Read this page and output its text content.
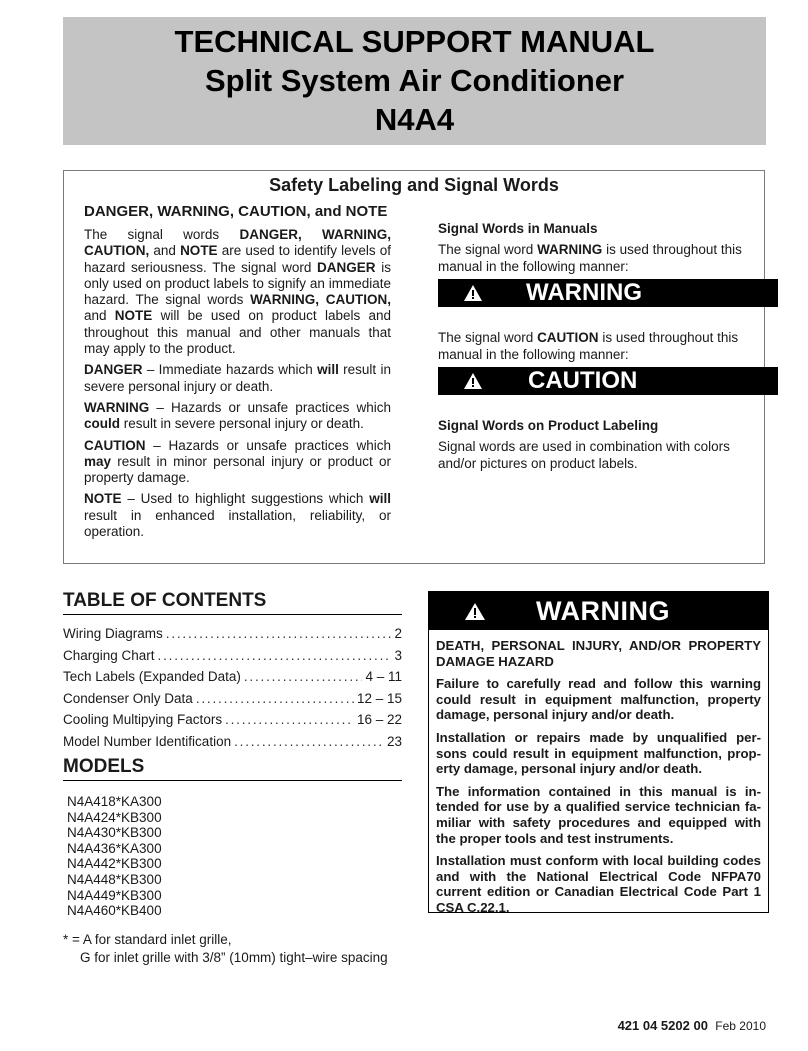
TECHNICAL SUPPORT MANUAL
Split System Air Conditioner
N4A4
Safety Labeling and Signal Words
DANGER, WARNING, CAUTION, and NOTE

The signal words DANGER, WARNING, CAUTION, and NOTE are used to identify levels of hazard seriousness. The signal word DANGER is only used on product labels to signify an immediate hazard. The signal words WARNING, CAUTION, and NOTE will be used on product labels and throughout this manual and other manuals that may apply to the product.

DANGER – Immediate hazards which will result in severe personal injury or death.

WARNING – Hazards or unsafe practices which could result in severe personal injury or death.

CAUTION – Hazards or unsafe practices which may result in minor personal injury or product or property damage.

NOTE – Used to highlight suggestions which will result in enhanced installation, reliability, or operation.

Signal Words in Manuals

The signal word WARNING is used throughout this manual in the following manner:

WARNING

The signal word CAUTION is used throughout this manual in the following manner:

CAUTION
Signal Words on Product Labeling

Signal words are used in combination with colors and/or pictures on product labels.

TABLE OF CONTENTS
Wiring Diagrams .....	2
Charging Chart .....	3
Tech Labels (Expanded Data) .....	4 – 11
Condenser Only Data .....	12 – 15
Cooling Multipying Factors .....	16 – 22
Model Number Identification .....	23
MODELS
N4A418*KA300
N4A424*KB300
N4A430*KB300
N4A436*KA300
N4A442*KB300
N4A448*KB300
N4A449*KB300
N4A460*KB400
* = A for standard inlet grille,
G for inlet grille with 3/8” (10mm) tight–wire spacing
WARNING

DEATH, PERSONAL INJURY, AND/OR PROPERTY DAMAGE HAZARD

Failure to carefully read and follow this warning could result in equipment malfunction, property damage, personal injury and/or death.

Installation or repairs made by unqualified per- sons could result in equipment malfunction, prop- erty damage, personal injury and/or death.

The information contained in this manual is in- tended for use by a qualified service technician fa- miliar with safety procedures and equipped with the proper tools and test instruments.

Installation must conform with local building codes and with the National Electrical Code NFPA70 current edition or Canadian Electrical Code Part 1 CSA C.22.1.

421 04 5202 00 Feb 2010
